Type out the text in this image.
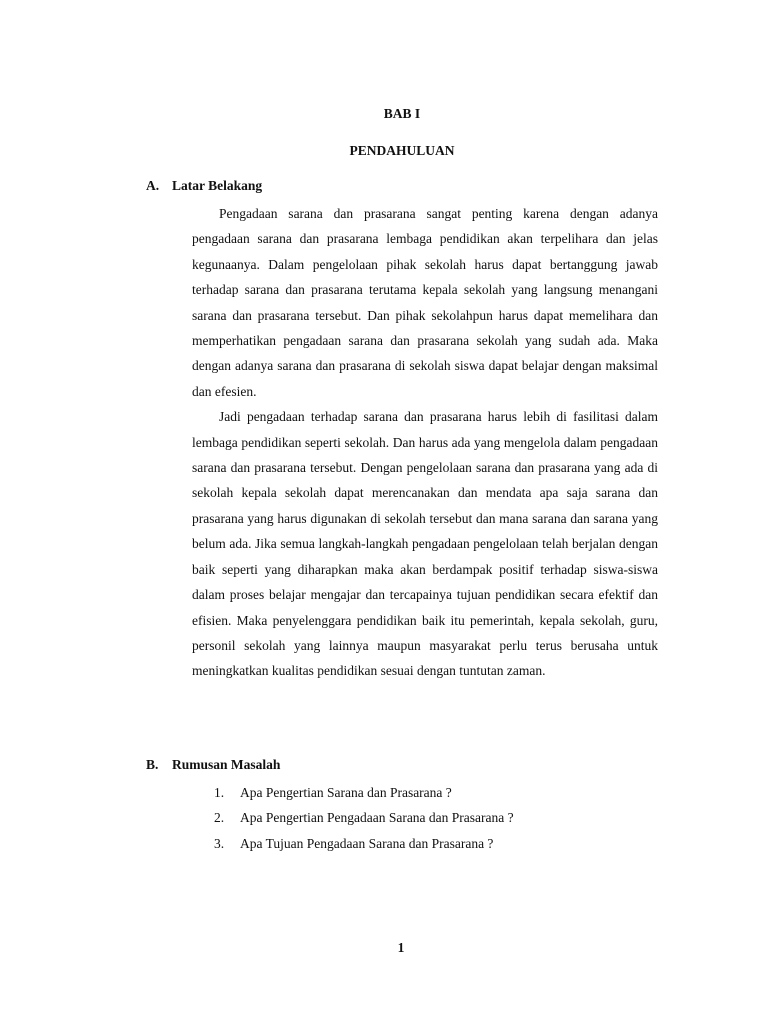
BAB I
PENDAHULUAN
A. Latar Belakang

Pengadaan sarana dan prasarana sangat penting karena dengan adanya pengadaan sarana dan prasarana lembaga pendidikan akan terpelihara dan jelas kegunaanya. Dalam pengelolaan pihak sekolah harus dapat bertanggung jawab terhadap sarana dan prasarana terutama kepala sekolah yang langsung menangani sarana dan prasarana tersebut. Dan pihak sekolahpun harus dapat memelihara dan memperhatikan pengadaan sarana dan prasarana sekolah yang sudah ada. Maka dengan adanya sarana dan prasarana di sekolah siswa dapat belajar dengan maksimal dan efesien.

Jadi pengadaan terhadap sarana dan prasarana harus lebih di fasilitasi dalam lembaga pendidikan seperti sekolah. Dan harus ada yang mengelola dalam pengadaan sarana dan prasarana tersebut. Dengan pengelolaan sarana dan prasarana yang ada di sekolah kepala sekolah dapat merencanakan dan mendata apa saja sarana dan prasarana yang harus digunakan di sekolah tersebut dan mana sarana dan sarana yang belum ada. Jika semua langkah-langkah pengadaan pengelolaan telah berjalan dengan baik seperti yang diharapkan maka akan berdampak positif terhadap siswa-siswa dalam proses belajar mengajar dan tercapainya tujuan pendidikan secara efektif dan efisien. Maka penyelenggara pendidikan baik itu pemerintah, kepala sekolah, guru, personil sekolah yang lainnya maupun masyarakat perlu terus berusaha untuk meningkatkan kualitas pendidikan sesuai dengan tuntutan zaman.

B. Rumusan Masalah
1. Apa Pengertian Sarana dan Prasarana ?
2. Apa Pengertian Pengadaan Sarana dan Prasarana ?
3. Apa Tujuan Pengadaan Sarana dan Prasarana ?
1
